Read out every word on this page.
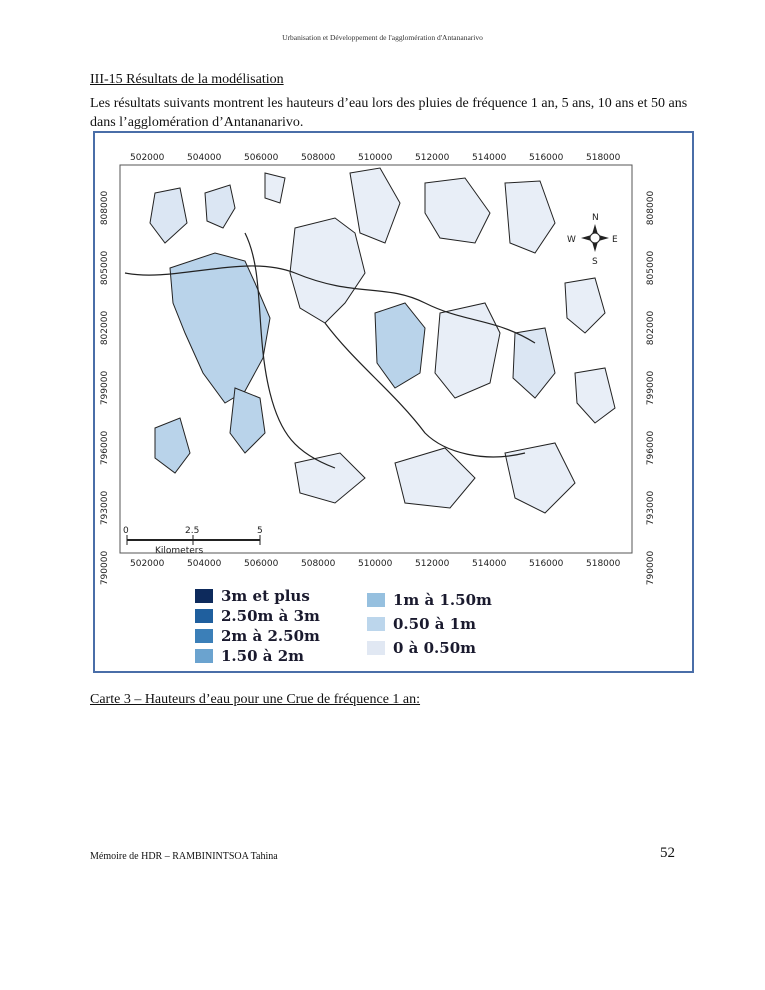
Urbanisation et Développement de l'agglomération d'Antananarivo
III-15 Résultats de la modélisation
Les résultats suivants montrent les hauteurs d’eau lors des pluies de fréquence 1 an, 5 ans, 10 ans et 50 ans dans l’agglomération d’Antananarivo.
502000	504000	506000	508000	510000	512000	514000	516000	518000
502000	504000	506000	508000	510000	512000	514000	516000	518000
808000
805000
802000
799000
796000
793000
790000
808000
805000
802000
799000
796000
793000
790000
N
S
E
W
0	2.5	5
Kilometers
3m et plus
2.50m à 3m
2m à 2.50m
1.50 à 2m
1m à 1.50m
0.50 à 1m
0 à 0.50m
Carte 3 – Hauteurs d’eau pour une Crue de fréquence 1 an:
Mémoire de HDR – RAMBININTSOA Tahina	52
